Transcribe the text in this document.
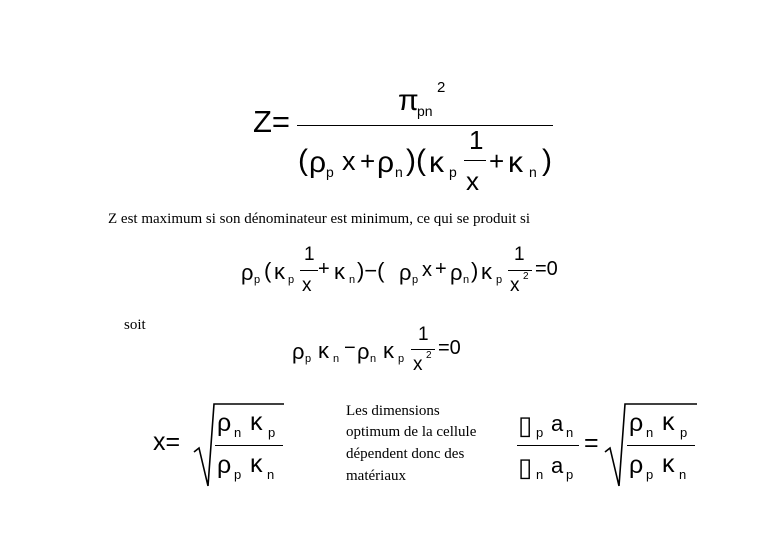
Z=
π
pn
2
( ρ p x + ρ n )( κ p
1
x
+ κ n )
Z est maximum si son dénominateur est minimum, ce qui se produit si
ρ p ( κ p
1
x
+ κ n )−( ρ p x + ρ n ) κ p
1
x 2 =0
soit
ρ p κ n − ρ n κ p
1
x 2 =0
x=
ρ n κ p
ρ p κ n
Les dimensions
optimum de la cellule
dépendent donc des
matériaux
▯ p a n
▯ n a p
=
ρ n κ p
ρ p κ n
